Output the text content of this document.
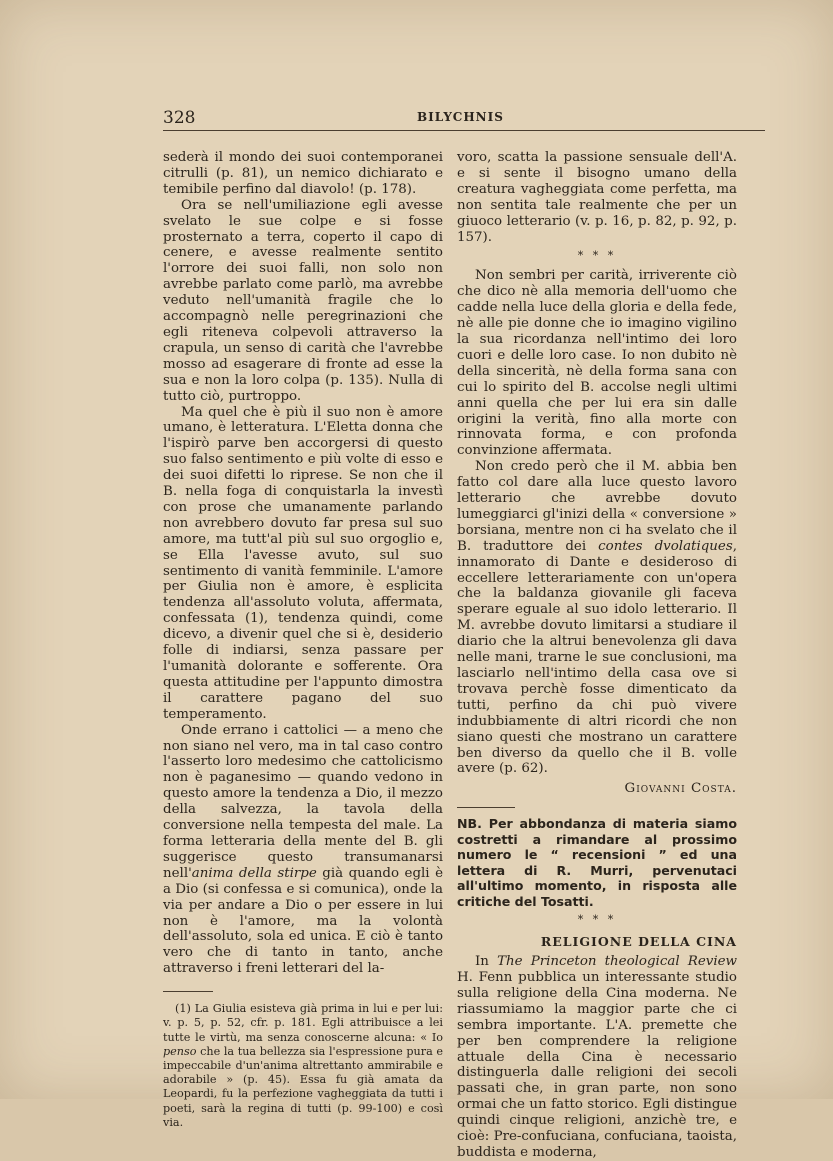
328	BILYCHNIS

sederà il mondo dei suoi contemporanei citrulli (p. 81), un nemico dichiarato e temibile perfino dal diavolo! (p. 178).

Ora se nell'umiliazione egli avesse svelato le sue colpe e si fosse prosternato a terra, coperto il capo di cenere, e avesse realmente sentito l'orrore dei suoi falli, non solo non avrebbe parlato come parlò, ma avrebbe veduto nell'umanità fragile che lo accompagnò nelle peregrinazioni che egli riteneva colpevoli attraverso la crapula, un senso di carità che l'avrebbe mosso ad esagerare di fronte ad esse la sua e non la loro colpa (p. 135). Nulla di tutto ciò, purtroppo.

Ma quel che è più il suo non è amore umano, è letteratura. L'Eletta donna che l'ispirò parve ben accorgersi di questo suo falso sentimento e più volte di esso e dei suoi difetti lo riprese. Se non che il B. nella foga di conquistarla la investì con prose che umanamente parlando non avrebbero dovuto far presa sul suo amore, ma tutt'al più sul suo orgoglio e, se Ella l'avesse avuto, sul suo sentimento di vanità femminile. L'amore per Giulia non è amore, è esplicita tendenza all'assoluto voluta, affermata, confessata (1), tendenza quindi, come dicevo, a divenir quel che si è, desiderio folle di indiarsi, senza passare per l'umanità dolorante e sofferente. Ora questa attitudine per l'appunto dimostra il carattere pagano del suo temperamento.

Onde errano i cattolici — a meno che non siano nel vero, ma in tal caso contro l'asserto loro medesimo che cattolicismo non è paganesimo — quando vedono in questo amore la tendenza a Dio, il mezzo della salvezza, la tavola della conversione nella tempesta del male. La forma letteraria della mente del B. gli suggerisce questo transumanarsi nell'anima della stirpe già quando egli è a Dio (si confessa e si comunica), onde la via per andare a Dio o per essere in lui non è l'amore, ma la volontà dell'assoluto, sola ed unica. E ciò è tanto vero che di tanto in tanto, anche attraverso i freni letterari del la-

(1) La Giulia esisteva già prima in lui e per lui: v. p. 5, p. 52, cfr. p. 181. Egli attribuisce a lei tutte le virtù, ma senza conoscerne alcuna: « Io penso che la tua bellezza sia l'espressione pura e impeccabile d'un'anima altrettanto ammirabile e adorabile » (p. 45). Essa fu già amata da Leopardi, fu la perfezione vagheggiata da tutti i poeti, sarà la regina di tutti (p. 99-100) e così via.

voro, scatta la passione sensuale dell'A. e si sente il bisogno umano della creatura vagheggiata come perfetta, ma non sentita tale realmente che per un giuoco letterario (v. p. 16, p. 82, p. 92, p. 157).

* * *

Non sembri per carità, irriverente ciò che dico nè alla memoria dell'uomo che cadde nella luce della gloria e della fede, nè alle pie donne che io imagino vigilino la sua ricordanza nell'intimo dei loro cuori e delle loro case. Io non dubito nè della sincerità, nè della forma sana con cui lo spirito del B. accolse negli ultimi anni quella che per lui era sin dalle origini la verità, fino alla morte con rinnovata forma, e con profonda convinzione affermata.

Non credo però che il M. abbia ben fatto col dare alla luce questo lavoro letterario che avrebbe dovuto lumeggiarci gl'inizi della « conversione » borsiana, mentre non ci ha svelato che il B. traduttore dei contes dvolatiques, innamorato di Dante e desideroso di eccellere letterariamente con un'opera che la baldanza giovanile gli faceva sperare eguale al suo idolo letterario. Il M. avrebbe dovuto limitarsi a studiare il diario che la altrui benevolenza gli dava nelle mani, trarne le sue conclusioni, ma lasciarlo nell'intimo della casa ove si trovava perchè fosse dimenticato da tutti, perfino da chi può vivere indubbiamente di altri ricordi che non siano questi che mostrano un carattere ben diverso da quello che il B. volle avere (p. 62).

Giovanni Costa.

NB. Per abbondanza di materia siamo costretti a rimandare al prossimo numero le “ recensioni ” ed una lettera di R. Murri, pervenutaci all'ultimo momento, in risposta alle critiche del Tosatti.

* * *
RELIGIONE DELLA CINA

In The Princeton theological Review H. Fenn pubblica un interessante studio sulla religione della Cina moderna. Ne riassumiamo la maggior parte che ci sembra importante. L'A. premette che per ben comprendere la religione attuale della Cina è necessario distinguerla dalle religioni dei secoli passati che, in gran parte, non sono ormai che un fatto storico. Egli distingue quindi cinque religioni, anzichè tre, e cioè: Pre-confuciana, confuciana, taoista, buddista e moderna,
